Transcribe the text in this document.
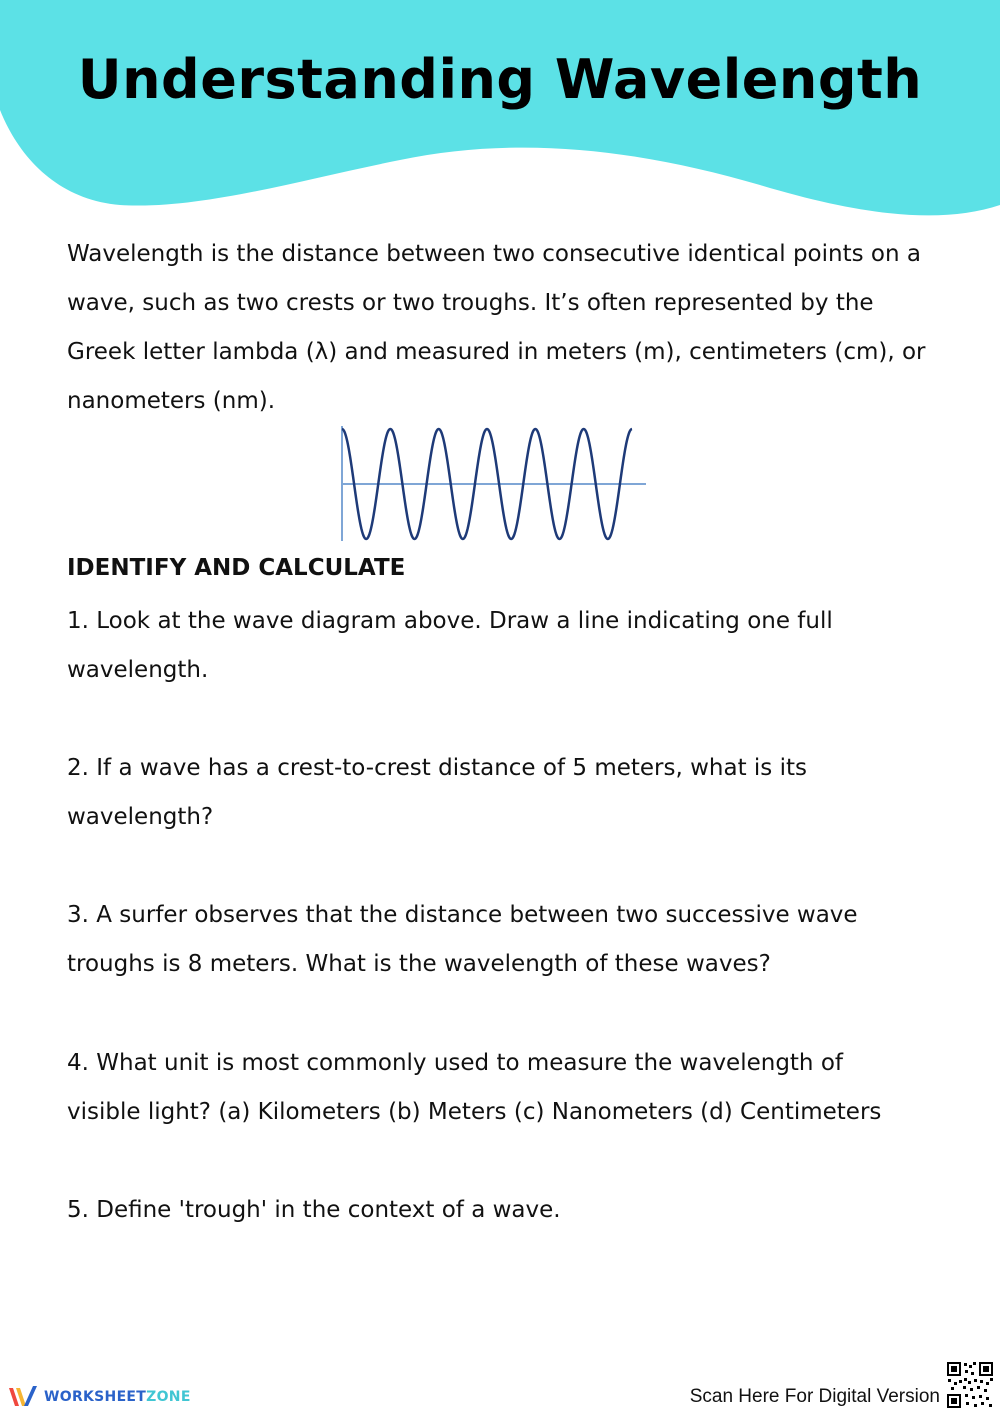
Understanding Wavelength

Wavelength is the distance between two consecutive identical points on a wave, such as two crests or two troughs. It’s often represented by the Greek letter lambda (λ) and measured in meters (m), centimeters (cm), or nanometers (nm).

IDENTIFY AND CALCULATE
1. Look at the wave diagram above. Draw a line indicating one full
wavelength.
2. If a wave has a crest-to-crest distance of 5 meters, what is its
wavelength?
3. A surfer observes that the distance between two successive wave
troughs is 8 meters. What is the wavelength of these waves?
4. What unit is most commonly used to measure the wavelength of
visible light? (a) Kilometers (b) Meters (c) Nanometers (d) Centimeters
5. Define 'trough' in the context of a wave.
WORKSHEETZONE	Scan Here For Digital Version
